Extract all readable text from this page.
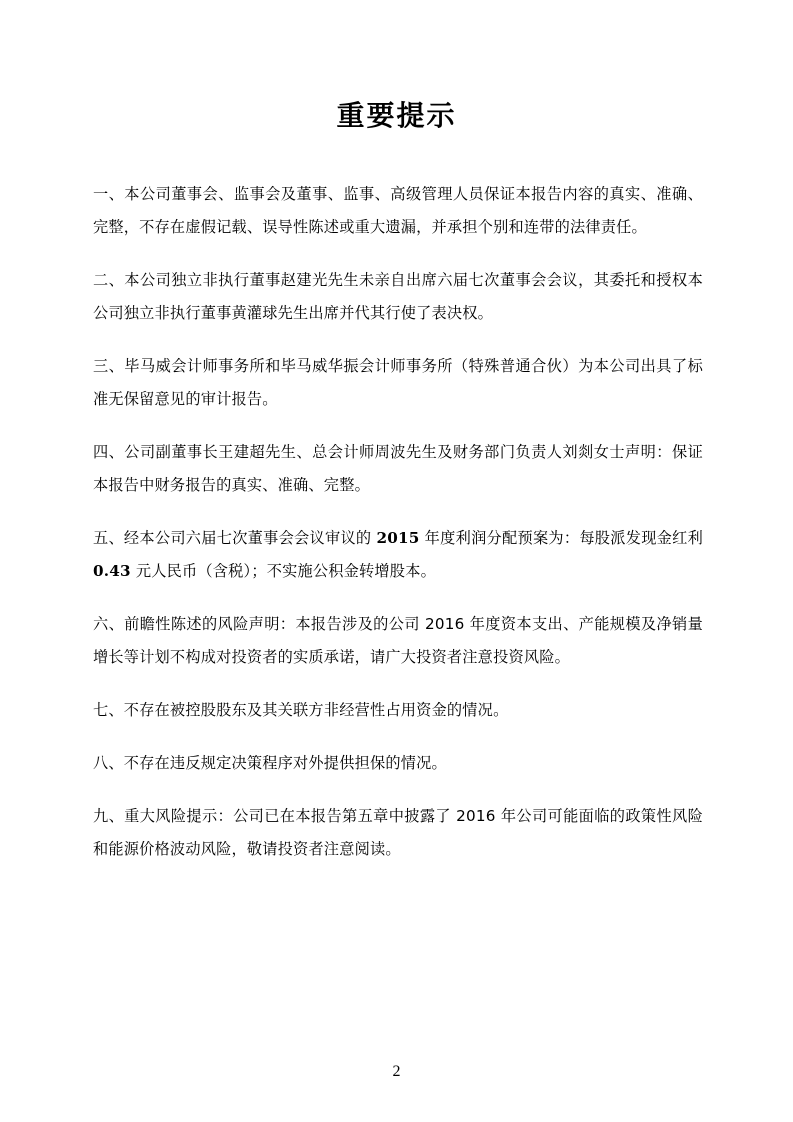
重要提示

一、本公司董事会、监事会及董事、监事、高级管理人员保证本报告内容的真实、准确、完整，不存在虚假记载、误导性陈述或重大遗漏，并承担个别和连带的法律责任。

二、本公司独立非执行董事赵建光先生未亲自出席六届七次董事会会议，其委托和授权本公司独立非执行董事黄灌球先生出席并代其行使了表决权。

三、毕马威会计师事务所和毕马威华振会计师事务所（特殊普通合伙）为本公司出具了标准无保留意见的审计报告。

四、公司副董事长王建超先生、总会计师周波先生及财务部门负责人刘剡女士声明：保证本报告中财务报告的真实、准确、完整。

五、经本公司六届七次董事会会议审议的 2015 年度利润分配预案为：每股派发现金红利 0.43 元人民币（含税）；不实施公积金转增股本。

六、前瞻性陈述的风险声明：本报告涉及的公司 2016 年度资本支出、产能规模及净销量增长等计划不构成对投资者的实质承诺，请广大投资者注意投资风险。

七、不存在被控股股东及其关联方非经营性占用资金的情况。

八、不存在违反规定决策程序对外提供担保的情况。

九、重大风险提示：公司已在本报告第五章中披露了 2016 年公司可能面临的政策性风险和能源价格波动风险，敬请投资者注意阅读。

2
